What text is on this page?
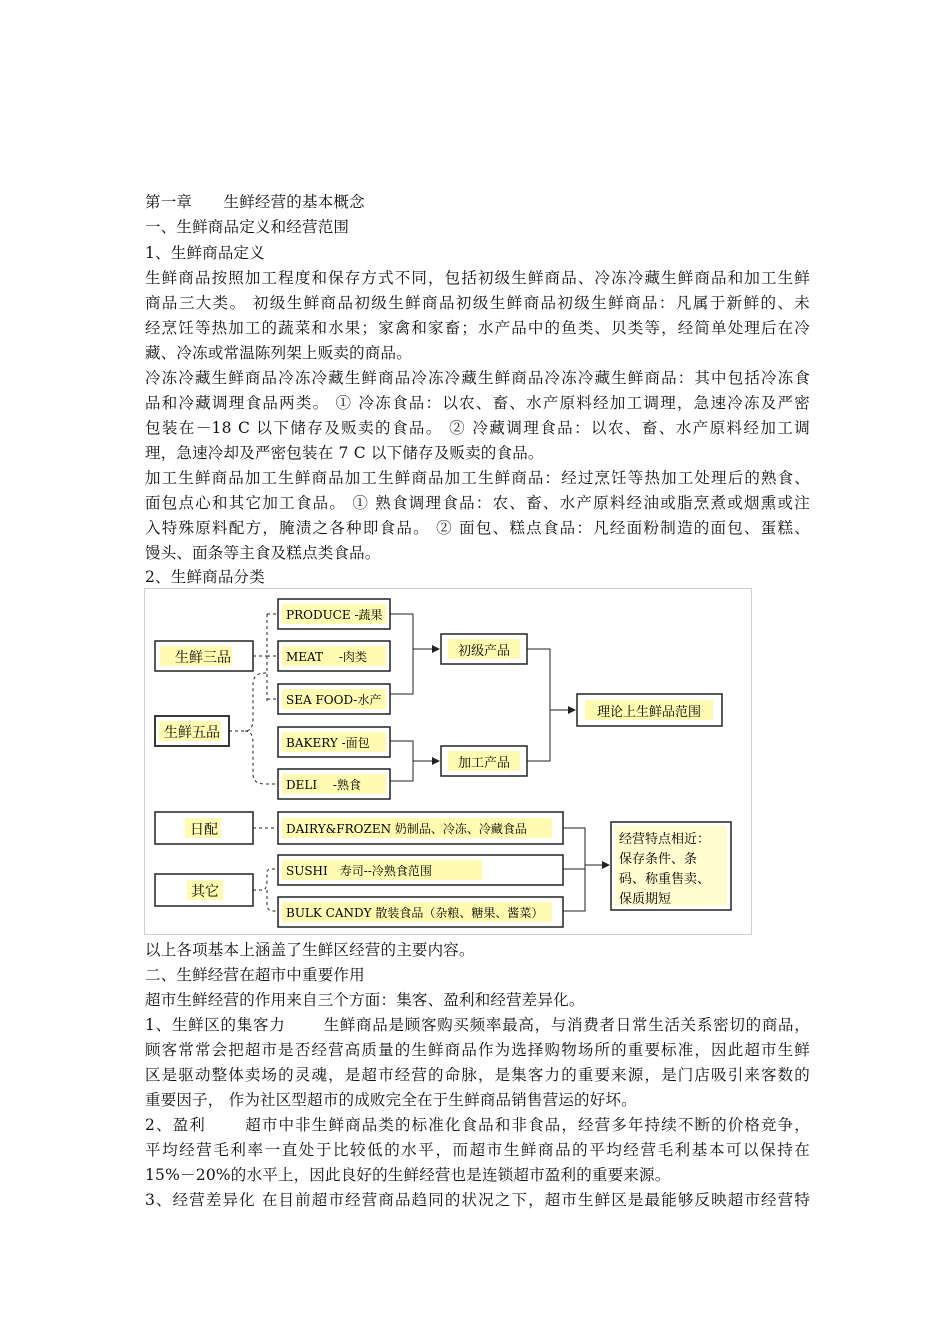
第一章　　生鲜经营的基本概念
一、生鲜商品定义和经营范围
1、生鲜商品定义
生鲜商品按照加工程度和保存方式不同，包括初级生鲜商品、冷冻冷藏生鲜商品和加工生鲜
商品三大类。 初级生鲜商品初级生鲜商品初级生鲜商品初级生鲜商品：凡属于新鲜的、未
经烹饪等热加工的蔬菜和水果；家禽和家畜；水产品中的鱼类、贝类等，经简单处理后在冷
藏、冷冻或常温陈列架上贩卖的商品。
冷冻冷藏生鲜商品冷冻冷藏生鲜商品冷冻冷藏生鲜商品冷冻冷藏生鲜商品：其中包括冷冻食
品和冷藏调理食品两类。 ① 冷冻食品：以农、畜、水产原料经加工调理，急速冷冻及严密
包装在－18 C 以下储存及贩卖的食品。 ② 冷藏调理食品：以农、畜、水产原料经加工调
理，急速冷却及严密包装在 7 C 以下储存及贩卖的食品。
加工生鲜商品加工生鲜商品加工生鲜商品加工生鲜商品：经过烹饪等热加工处理后的熟食、
面包点心和其它加工食品。 ① 熟食调理食品：农、畜、水产原料经油或脂烹煮或烟熏或注
入特殊原料配方，腌渍之各种即食品。 ② 面包、糕点食品：凡经面粉制造的面包、蛋糕、
馒头、面条等主食及糕点类食品。
2、生鲜商品分类
生鲜三品
生鲜五品
日配
其它
PRODUCE -蔬果
MEAT　 -肉类
SEA FOOD-水产
BAKERY -面包
DELI　 -熟食
DAIRY&FROZEN 奶制品、冷冻、冷藏食品
SUSHI　寿司--冷熟食范围
BULK CANDY 散装食品（杂粮、糖果、酱菜）
初级产品
加工产品
理论上生鲜品范围
经营特点相近：
保存条件、条
码、称重售卖、
保质期短
以上各项基本上涵盖了生鲜区经营的主要内容。
二、生鲜经营在超市中重要作用
超市生鲜经营的作用来自三个方面：集客、盈利和经营差异化。
1、生鲜区的集客力　　 生鲜商品是顾客购买频率最高，与消费者日常生活关系密切的商品，
顾客常常会把超市是否经营高质量的生鲜商品作为选择购物场所的重要标准，因此超市生鲜
区是驱动整体卖场的灵魂，是超市经营的命脉，是集客力的重要来源，是门店吸引来客数的
重要因子， 作为社区型超市的成败完全在于生鲜商品销售营运的好坏。
2、盈利　　 超市中非生鲜商品类的标准化食品和非食品，经营多年持续不断的价格竞争，
平均经营毛利率一直处于比较低的水平，而超市生鲜商品的平均经营毛利基本可以保持在
15%－20%的水平上，因此良好的生鲜经营也是连锁超市盈利的重要来源。
3、经营差异化 在目前超市经营商品趋同的状况之下，超市生鲜区是最能够反映超市经营特
